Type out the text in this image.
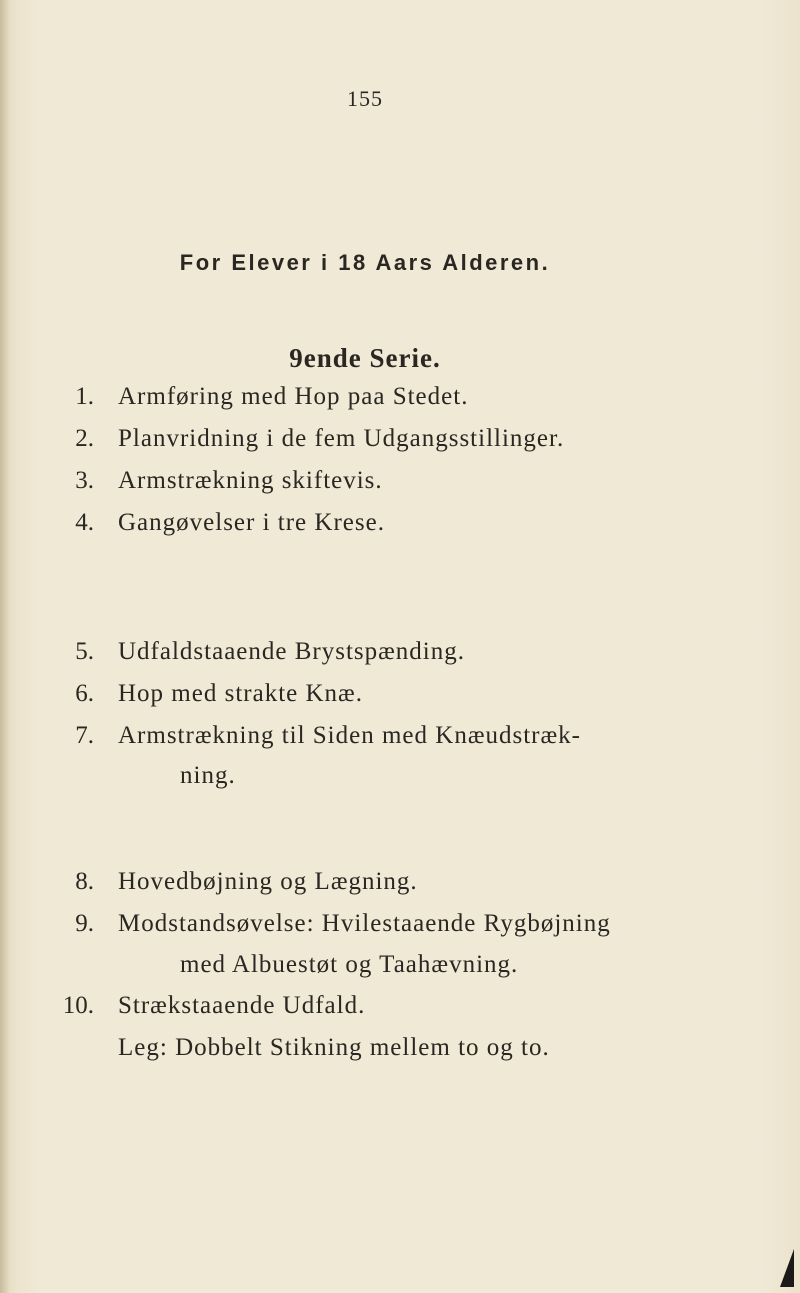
155
For Elever i 18 Aars Alderen.
9ende Serie.
1. Armføring med Hop paa Stedet.
2. Planvridning i de fem Udgangsstillinger.
3. Armstrækning skiftevis.
4. Gangøvelser i tre Krese.
5. Udfaldstaaende Brystspænding.
6. Hop med strakte Knæ.
7. Armstrækning til Siden med Knæudstræk-
ning.
8. Hovedbøjning og Lægning.
9. Modstandsøvelse: Hvilestaaende Rygbøjning
med Albuestøt og Taahævning.
10. Strækstaaende Udfald.
Leg: Dobbelt Stikning mellem to og to.
